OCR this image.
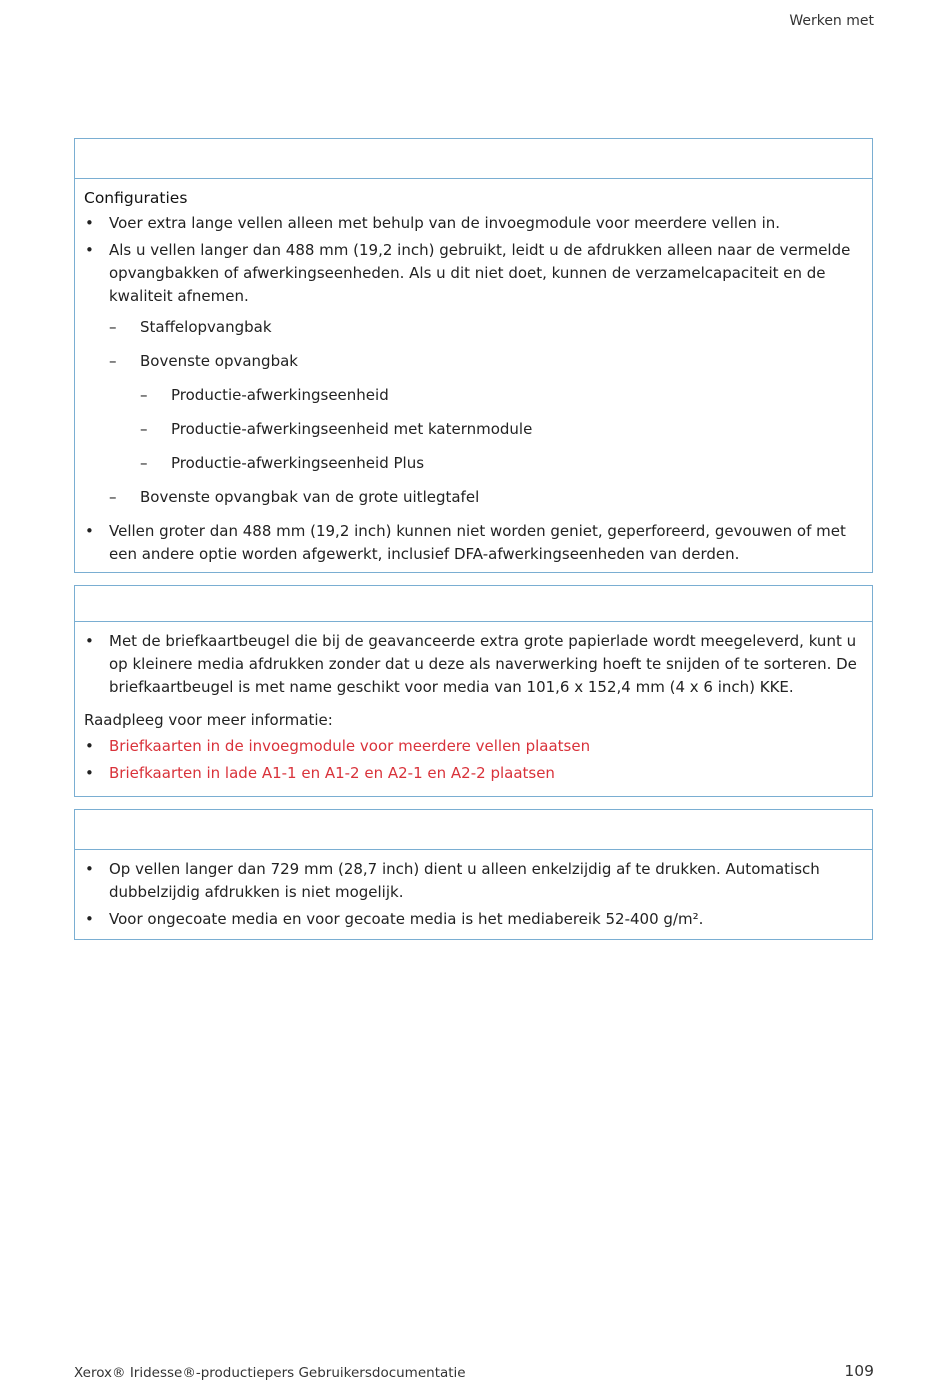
Werken met
Configuraties
• Voer extra lange vellen alleen met behulp van de invoegmodule voor meerdere vellen in.
• Als u vellen langer dan 488 mm (19,2 inch) gebruikt, leidt u de afdrukken alleen naar de vermelde opvangbakken of afwerkingseenheden. Als u dit niet doet, kunnen de verzamelcapaciteit en de kwaliteit afnemen.
– Staffelopvangbak
– Bovenste opvangbak
– Productie-afwerkingseenheid
– Productie-afwerkingseenheid met katernmodule
– Productie-afwerkingseenheid Plus
– Bovenste opvangbak van de grote uitlegtafel
• Vellen groter dan 488 mm (19,2 inch) kunnen niet worden geniet, geperforeerd, gevouwen of met een andere optie worden afgewerkt, inclusief DFA-afwerkingseenheden van derden.
• Met de briefkaartbeugel die bij de geavanceerde extra grote papierlade wordt meegeleverd, kunt u op kleinere media afdrukken zonder dat u deze als naverwerking hoeft te snijden of te sorteren. De briefkaartbeugel is met name geschikt voor media van 101,6 x 152,4 mm (4 x 6 inch) KKE.
Raadpleeg voor meer informatie:
• Briefkaarten in de invoegmodule voor meerdere vellen plaatsen
• Briefkaarten in lade A1-1 en A1-2 en A2-1 en A2-2 plaatsen
• Op vellen langer dan 729 mm (28,7 inch) dient u alleen enkelzijdig af te drukken. Automatisch dubbelzijdig afdrukken is niet mogelijk.
• Voor ongecoate media en voor gecoate media is het mediabereik 52-400 g/m².
Xerox® Iridesse®-productiepers Gebruikersdocumentatie	109
